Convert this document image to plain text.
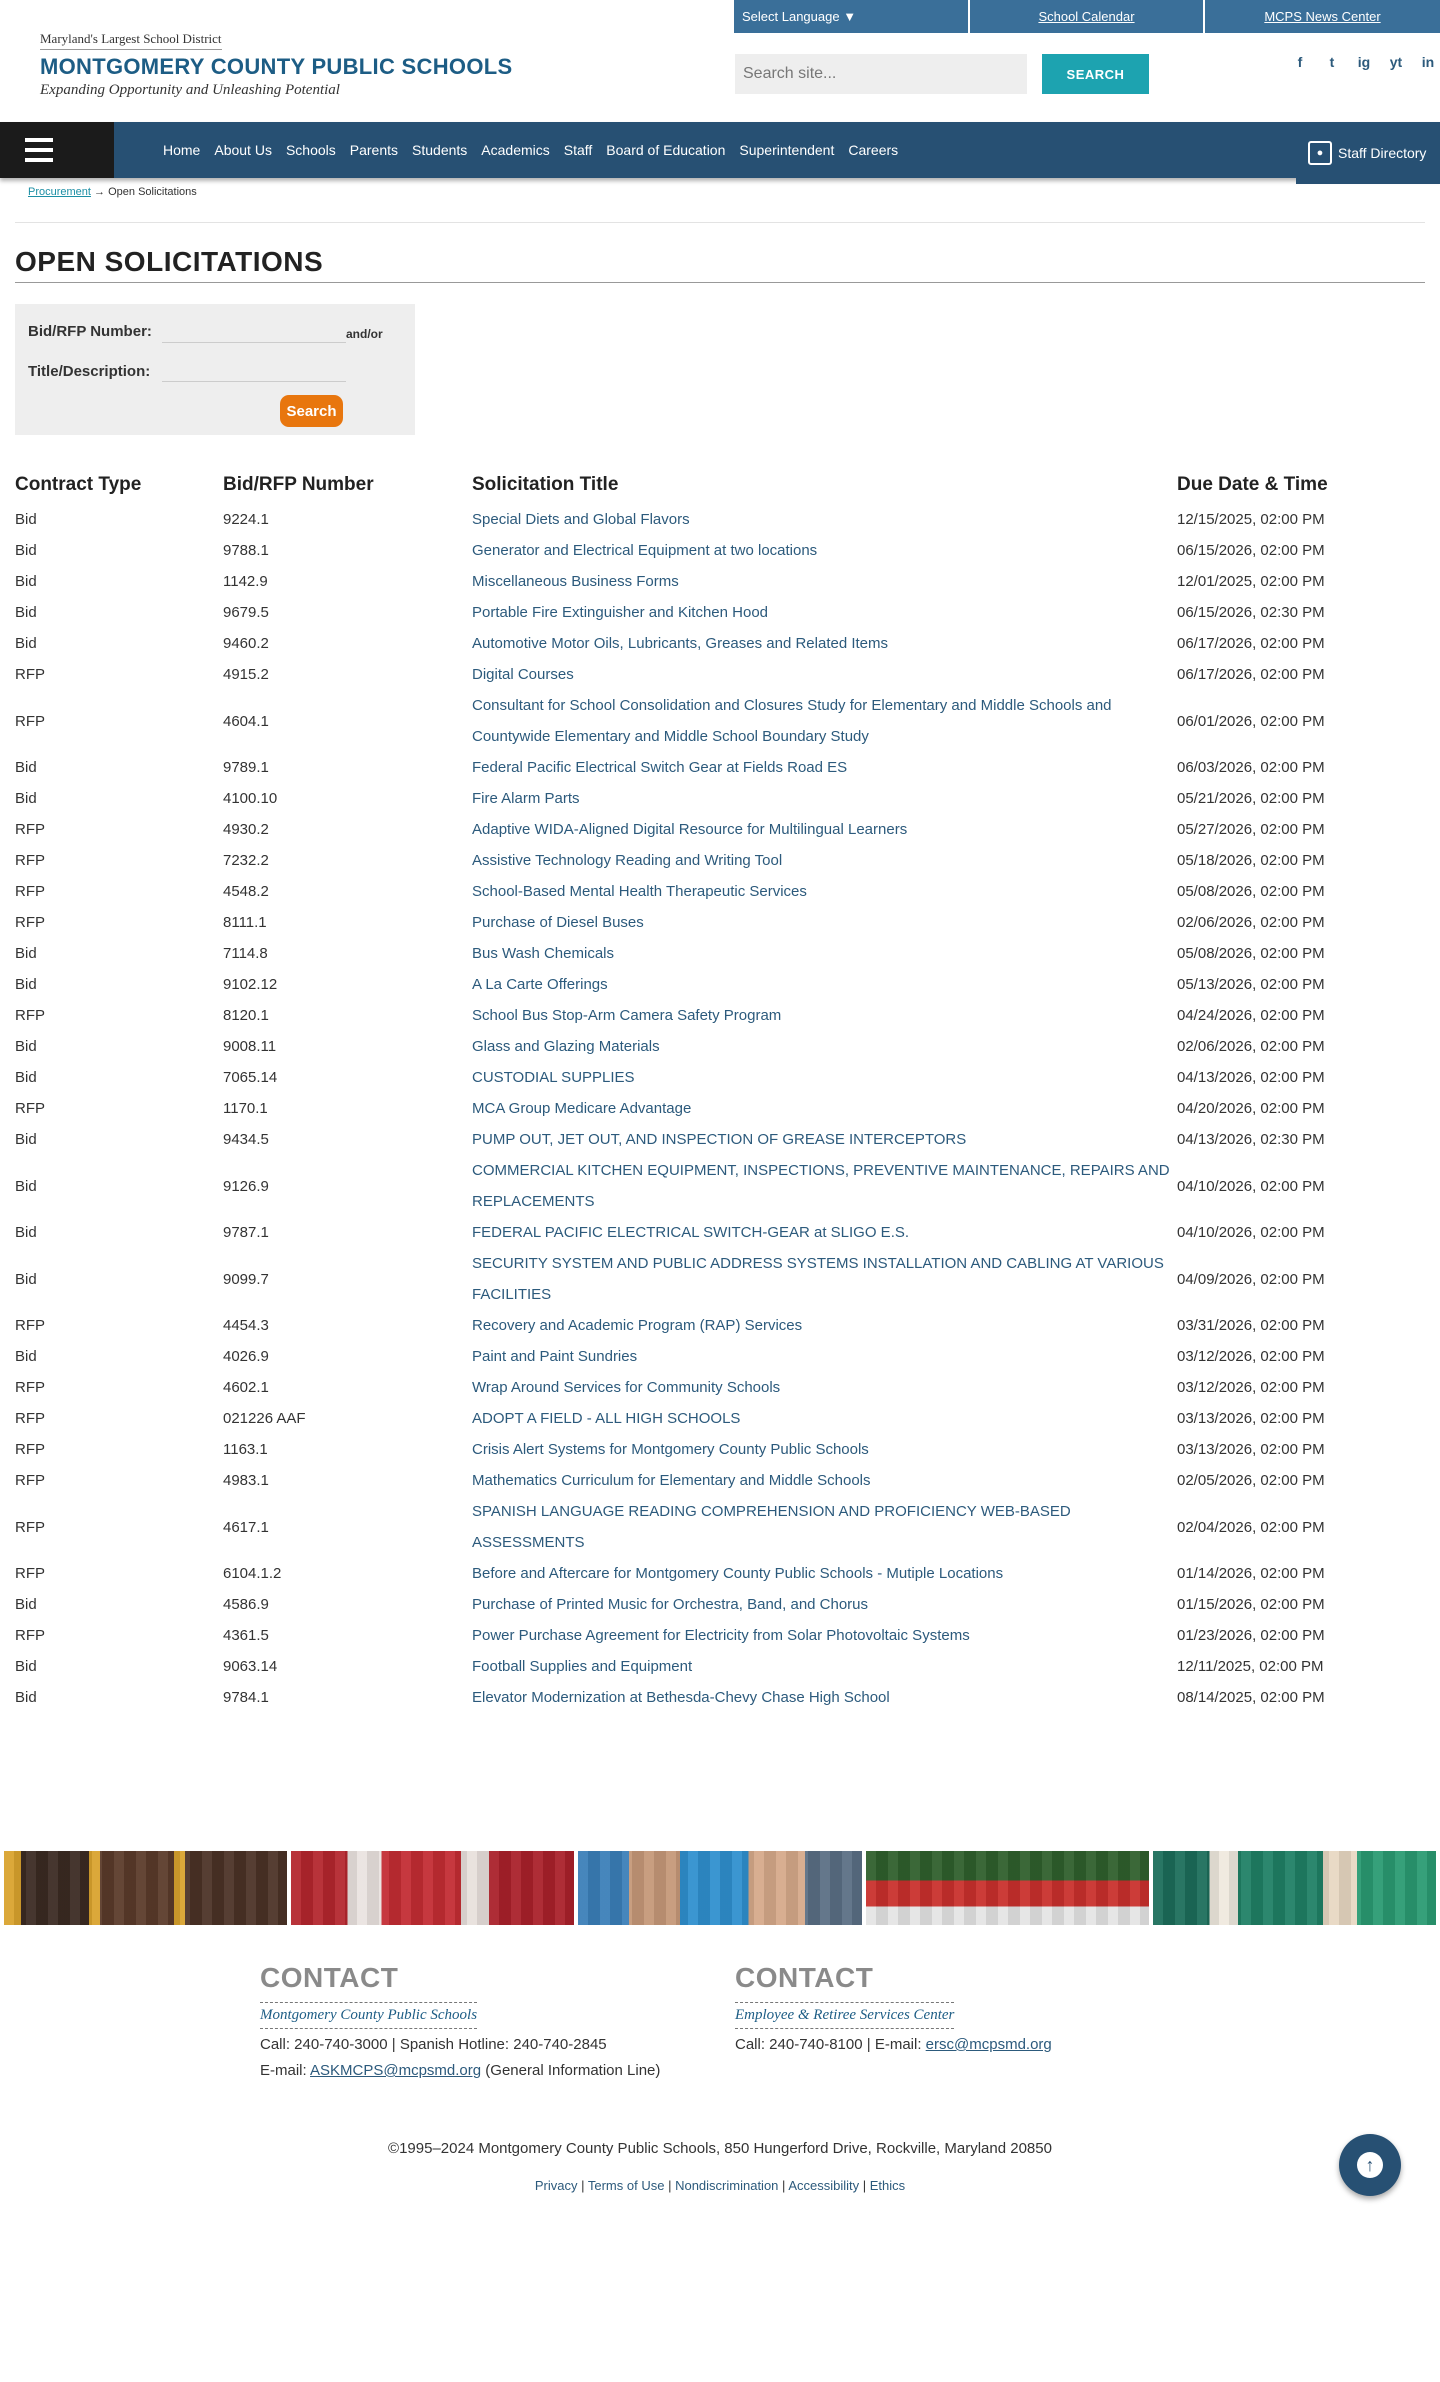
Maryland's Largest School District
MONTGOMERY COUNTY PUBLIC SCHOOLS
Expanding Opportunity and Unleashing Potential
Select Language ▼	School Calendar	MCPS News Center
Search site...	SEARCH
f	t	ig yt in
Home About Us Schools Parents Students Academics Staff Board of Education Superintendent Careers	●	Staff Directory
Procurement → Open Solicitations
OPEN SOLICITATIONS
Bid/RFP Number:	and/or
Title/Description:
Search
Contract Type	Bid/RFP Number	Solicitation Title	Due Date & Time
Bid	9224.1	Special Diets and Global Flavors	12/15/2025, 02:00 PM
Bid	9788.1	Generator and Electrical Equipment at two locations	06/15/2026, 02:00 PM
Bid	1142.9	Miscellaneous Business Forms	12/01/2025, 02:00 PM
Bid	9679.5	Portable Fire Extinguisher and Kitchen Hood	06/15/2026, 02:30 PM
Bid	9460.2	Automotive Motor Oils, Lubricants, Greases and Related Items	06/17/2026, 02:00 PM
RFP	4915.2	Digital Courses	06/17/2026, 02:00 PM
RFP	4604.1	Consultant for School Consolidation and Closures Study for Elementary and Middle Schools and Countywide Elementary and Middle School Boundary Study	06/01/2026, 02:00 PM
Bid	9789.1	Federal Pacific Electrical Switch Gear at Fields Road ES	06/03/2026, 02:00 PM
Bid	4100.10	Fire Alarm Parts	05/21/2026, 02:00 PM
RFP	4930.2	Adaptive WIDA-Aligned Digital Resource for Multilingual Learners	05/27/2026, 02:00 PM
RFP	7232.2	Assistive Technology Reading and Writing Tool	05/18/2026, 02:00 PM
RFP	4548.2	School-Based Mental Health Therapeutic Services	05/08/2026, 02:00 PM
RFP	8111.1	Purchase of Diesel Buses	02/06/2026, 02:00 PM
Bid	7114.8	Bus Wash Chemicals	05/08/2026, 02:00 PM
Bid	9102.12	A La Carte Offerings	05/13/2026, 02:00 PM
RFP	8120.1	School Bus Stop-Arm Camera Safety Program	04/24/2026, 02:00 PM
Bid	9008.11	Glass and Glazing Materials	02/06/2026, 02:00 PM
Bid	7065.14	CUSTODIAL SUPPLIES	04/13/2026, 02:00 PM
RFP	1170.1	MCA Group Medicare Advantage	04/20/2026, 02:00 PM
Bid	9434.5	PUMP OUT, JET OUT, AND INSPECTION OF GREASE INTERCEPTORS	04/13/2026, 02:30 PM
Bid	9126.9	COMMERCIAL KITCHEN EQUIPMENT, INSPECTIONS, PREVENTIVE MAINTENANCE, REPAIRS AND REPLACEMENTS	04/10/2026, 02:00 PM
Bid	9787.1	FEDERAL PACIFIC ELECTRICAL SWITCH-GEAR at SLIGO E.S.	04/10/2026, 02:00 PM
Bid	9099.7	SECURITY SYSTEM AND PUBLIC ADDRESS SYSTEMS INSTALLATION AND CABLING AT VARIOUS FACILITIES	04/09/2026, 02:00 PM
RFP	4454.3	Recovery and Academic Program (RAP) Services	03/31/2026, 02:00 PM
Bid	4026.9	Paint and Paint Sundries	03/12/2026, 02:00 PM
RFP	4602.1	Wrap Around Services for Community Schools	03/12/2026, 02:00 PM
RFP	021226 AAF	ADOPT A FIELD - ALL HIGH SCHOOLS	03/13/2026, 02:00 PM
RFP	1163.1	Crisis Alert Systems for Montgomery County Public Schools	03/13/2026, 02:00 PM
RFP	4983.1	Mathematics Curriculum for Elementary and Middle Schools	02/05/2026, 02:00 PM
RFP	4617.1	SPANISH LANGUAGE READING COMPREHENSION AND PROFICIENCY WEB-BASED ASSESSMENTS	02/04/2026, 02:00 PM
RFP	6104.1.2	Before and Aftercare for Montgomery County Public Schools - Mutiple Locations	01/14/2026, 02:00 PM
Bid	4586.9	Purchase of Printed Music for Orchestra, Band, and Chorus	01/15/2026, 02:00 PM
RFP	4361.5	Power Purchase Agreement for Electricity from Solar Photovoltaic Systems	01/23/2026, 02:00 PM
Bid	9063.14	Football Supplies and Equipment	12/11/2025, 02:00 PM
Bid	9784.1	Elevator Modernization at Bethesda-Chevy Chase High School	08/14/2025, 02:00 PM
CONTACT
Montgomery County Public Schools

Call: 240-740-3000 | Spanish Hotline: 240-740-2845

E-mail: ASKMCPS@mcpsmd.org (General Information Line)

CONTACT
Employee & Retiree Services Center

Call: 240-740-8100 | E-mail: ersc@mcpsmd.org

©1995–2024 Montgomery County Public Schools, 850 Hungerford Drive, Rockville, Maryland 20850
Privacy | Terms of Use | Nondiscrimination | Accessibility | Ethics
↑
